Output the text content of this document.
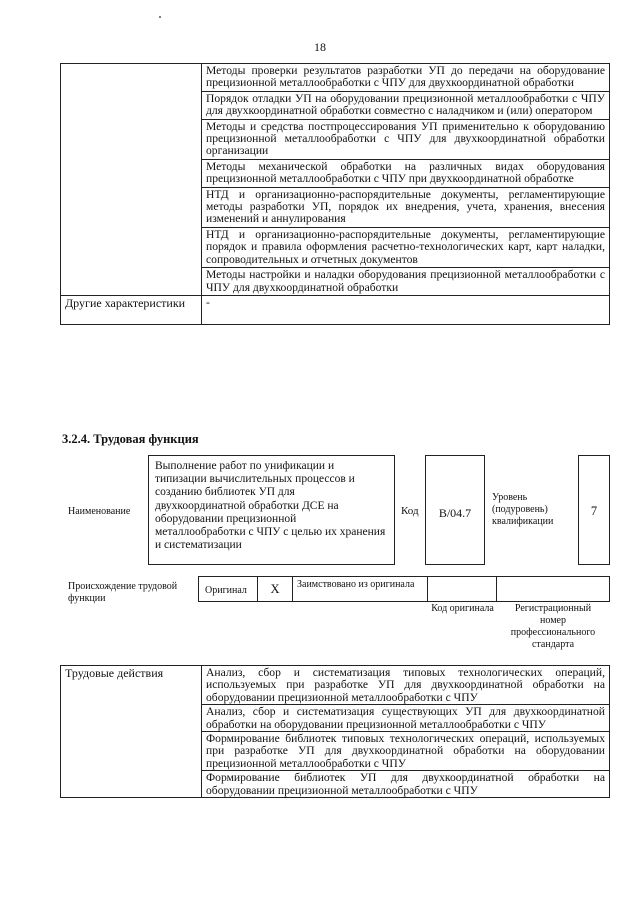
18
	Методы проверки результатов разработки УП до передачи на оборудование прецизионной металлообработки с ЧПУ для двухкоординатной обработки
	Порядок отладки УП на оборудовании прецизионной металлообработки с ЧПУ для двухкоординатной обработки совместно с наладчиком и (или) оператором
	Методы и средства постпроцессирования УП применительно к оборудованию прецизионной металлообработки с ЧПУ для двухкоординатной обработки организации
	Методы механической обработки на различных видах оборудования прецизионной металлообработки с ЧПУ при двухкоординатной обработке
	НТД и организационно-распорядительные документы, регламентирующие методы разработки УП, порядок их внедрения, учета, хранения, внесения изменений и аннулирования
	НТД и организационно-распорядительные документы, регламентирующие порядок и правила оформления расчетно-технологических карт, карт наладки, сопроводительных и отчетных документов
	Методы настройки и наладки оборудования прецизионной металлообработки с ЧПУ для двухкоординатной обработки
Другие характеристики	-
3.2.4. Трудовая функция
Наименование
Выполнение работ по унификации и типизации вычислительных процессов и созданию библиотек УП для двухкоординатной обработки ДСЕ на оборудовании прецизионной металлообработки с ЧПУ с целью их хранения и систематизации
Код	B/04.7
Уровень (подуровень) квалификации
7
Происхождение трудовой функции
Оригинал	X	Заимствовано из оригинала
Код оригинала	Регистрационный номер профессионального стандарта
Трудовые действия	Анализ, сбор и систематизация типовых технологических операций, используемых при разработке УП для двухкоординатной обработки на оборудовании прецизионной металлообработки с ЧПУ
Анализ, сбор и систематизация существующих УП для двухкоординатной обработки на оборудовании прецизионной металлообработки с ЧПУ
Формирование библиотек типовых технологических операций, используемых при разработке УП для двухкоординатной обработки на оборудовании прецизионной металлообработки с ЧПУ
Формирование библиотек УП для двухкоординатной обработки на оборудовании прецизионной металлообработки с ЧПУ
